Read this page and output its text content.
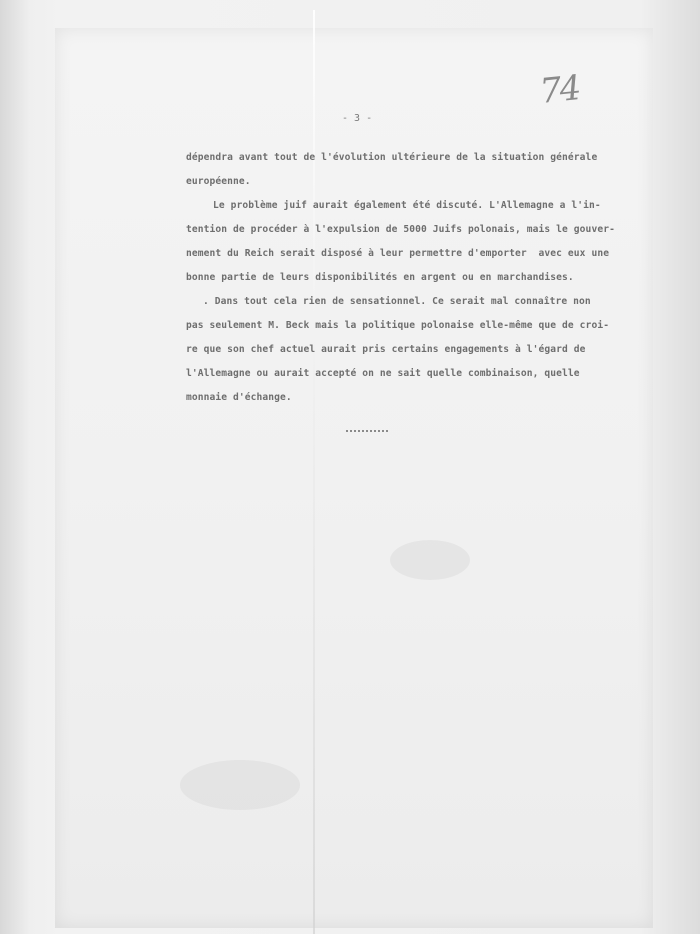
74
- 3 -
dépendra avant tout de l'évolution ultérieure de la situation générale
européenne.
Le problème juif aurait également été discuté. L'Allemagne a l'in-
tention de procéder à l'expulsion de 5000 Juifs polonais, mais le gouver-
nement du Reich serait disposé à leur permettre d'emporter  avec eux une
bonne partie de leurs disponibilités en argent ou en marchandises.
. Dans tout cela rien de sensationnel. Ce serait mal connaître non
pas seulement M. Beck mais la politique polonaise elle-même que de croi-
re que son chef actuel aurait pris certains engagements à l'égard de
l'Allemagne ou aurait accepté on ne sait quelle combinaison, quelle
monnaie d'échange.
